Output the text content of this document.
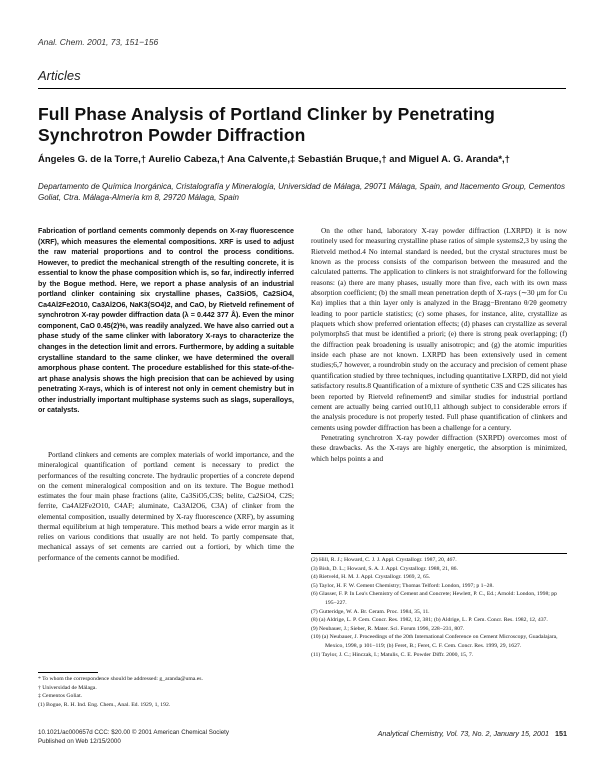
Anal. Chem. 2001, 73, 151−156
Articles
Full Phase Analysis of Portland Clinker by Penetrating Synchrotron Powder Diffraction
Ángeles G. de la Torre,† Aurelio Cabeza,† Ana Calvente,‡ Sebastián Bruque,† and Miguel A. G. Aranda*,†
Departamento de Química Inorgánica, Cristalografía y Mineralogía, Universidad de Málaga, 29071 Málaga, Spain, and Itacemento Group, Cementos Goliat, Ctra. Málaga-Almería km 8, 29720 Málaga, Spain
Fabrication of portland cements commonly depends on X-ray fluorescence (XRF), which measures the elemental compositions. XRF is used to adjust the raw material proportions and to control the process conditions. However, to predict the mechanical strength of the resulting concrete, it is essential to know the phase composition which is, so far, indirectly inferred by the Bogue method. Here, we report a phase analysis of an industrial portland clinker containing six crystalline phases, Ca3SiO5, Ca2SiO4, Ca4Al2Fe2O10, Ca3Al2O6, NaK3(SO4)2, and CaO, by Rietveld refinement of synchrotron X-ray powder diffraction data (λ = 0.442 377 Å). Even the minor component, CaO 0.45(2)%, was readily analyzed. We have also carried out a phase study of the same clinker with laboratory X-rays to characterize the changes in the detection limit and errors. Furthermore, by adding a suitable crystalline standard to the same clinker, we have determined the overall amorphous phase content. The procedure established for this state-of-the-art phase analysis shows the high precision that can be achieved by using penetrating X-rays, which is of interest not only in cement chemistry but in other industrially important multiphase systems such as slags, superalloys, or catalysts.

Portland clinkers and cements are complex materials of world importance, and the mineralogical quantification of portland cement is necessary to predict the performances of the resulting concrete. The hydraulic properties of a concrete depend on the cement mineralogical composition and on its texture. The Bogue method1 estimates the four main phase fractions (alite, Ca3SiO5,C3S; belite, Ca2SiO4, C2S; ferrite, Ca4Al2Fe2O10, C4AF; aluminate, Ca3Al2O6, C3A) of clinker from the elemental composition, usually determined by X-ray fluorescence (XRF), by assuming thermal equilibrium at high temperature. This method bears a wide error margin as it relies on various conditions that usually are not held. To partly compensate that, mechanical assays of set cements are carried out a fortiori, by which time the performance of the cements cannot be modified.

* To whom the correspondence should be addressed: g_aranda@uma.es.

† Universidad de Málaga.

‡ Cementos Goliat.

(1) Bogue, R. H. Ind. Eng. Chem., Anal. Ed. 1929, 1, 192.

On the other hand, laboratory X-ray powder diffraction (LXRPD) it is now routinely used for measuring crystalline phase ratios of simple systems2,3 by using the Rietveld method.4 No internal standard is needed, but the crystal structures must be known as the process consists of the comparison between the measured and the calculated patterns. The application to clinkers is not straightforward for the following reasons: (a) there are many phases, usually more than five, each with its own mass absorption coefficient; (b) the small mean penetration depth of X-rays (∼30 μm for Cu Kα) implies that a thin layer only is analyzed in the Bragg−Brentano θ/2θ geometry leading to poor particle statistics; (c) some phases, for instance, alite, crystallize as plaquets which show preferred orientation effects; (d) phases can crystallize as several polymorphs5 that must be identified a priori; (e) there is strong peak overlapping; (f) the diffraction peak broadening is usually anisotropic; and (g) the atomic impurities inside each phase are not known. LXRPD has been extensively used in cement studies;6,7 however, a roundrobin study on the accuracy and precision of cement phase quantification studied by three techniques, including quantitative LXRPD, did not yield satisfactory results.8 Quantification of a mixture of synthetic C3S and C2S silicates has been reported by Rietveld refinement9 and similar studies for industrial portland cement are actually being carried out10,11 although subject to considerable errors if the analysis procedure is not properly tested. Full phase quantification of clinkers and cements using powder diffraction has been a challenge for a century.

Penetrating synchrotron X-ray powder diffraction (SXRPD) overcomes most of these drawbacks. As the X-rays are highly energetic, the absorption is minimized, which helps points a and

(2) Hill, R. J.; Howard, C. J. J. Appl. Crystallogr. 1987, 20, 467.

(3) Bish, D. L.; Howard, S. A. J. Appl. Crystallogr. 1988, 21, 86.

(4) Rietveld, H. M. J. Appl. Crystallogr. 1969, 2, 65.

(5) Taylor, H. F. W. Cement Chemistry; Thomas Telford: London, 1997; p 1−28.

(6) Glasser, F. P. In Lea's Chemistry of Cement and Concrete; Hewlett, P. C., Ed.; Arnold: London, 1998; pp 195−227.

(7) Gutteridge, W. A. Br. Ceram. Proc. 1984, 35, 11.

(8) (a) Aldrige, L. P. Cem. Concr. Res. 1982, 12, 381; (b) Aldrige, L. P. Cem. Concr. Res. 1982, 12, 437.

(9) Neubauer, J.; Sieber, R. Mater. Sci. Forum 1996, 228−231, 807.

(10) (a) Neubauer, J. Proceedings of the 20th International Conference on Cement Microscopy, Guadalajara, Mexico, 1998, p 101−119; (b) Feret, B.; Feret, C. F. Cem. Concr. Res. 1999, 29, 1627.

(11) Taylor, J. C.; Hinczak, I.; Matulis, C. E. Powder Diffr. 2000, 15, 7.

10.1021/ac000657d CCC: $20.00 © 2001 American Chemical Society
Published on Web 12/15/2000
Analytical Chemistry, Vol. 73, No. 2, January 15, 2001 151
